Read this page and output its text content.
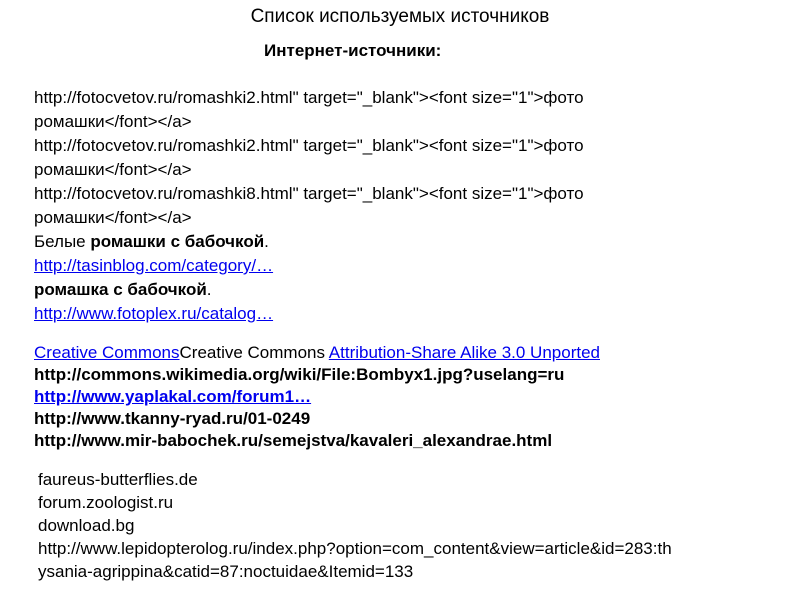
Список используемых источников
Интернет-источники:
http://fotocvetov.ru/romashki2.html" target="_blank"><font size="1">фото
ромашки</font></a>
http://fotocvetov.ru/romashki2.html" target="_blank"><font size="1">фото
ромашки</font></a>
http://fotocvetov.ru/romashki8.html" target="_blank"><font size="1">фото
ромашки</font></a>
Белые ромашки с бабочкой.
http://tasinblog.com/category/…
ромашка с бабочкой.
http://www.fotoplex.ru/catalog…
Creative CommonsCreative Commons Attribution-Share Alike 3.0 Unported
http://commons.wikimedia.org/wiki/File:Bombyx1.jpg?uselang=ru
http://www.yaplakal.com/forum1…
http://www.tkanny-ryad.ru/01-0249
http://www.mir-babochek.ru/semejstva/kavaleri_alexandrae.html
faureus-butterflies.de
forum.zoologist.ru
download.bg
http://www.lepidopterolog.ru/index.php?option=com_content&view=article&id=283:th
ysania-agrippina&catid=87:noctuidae&Itemid=133
